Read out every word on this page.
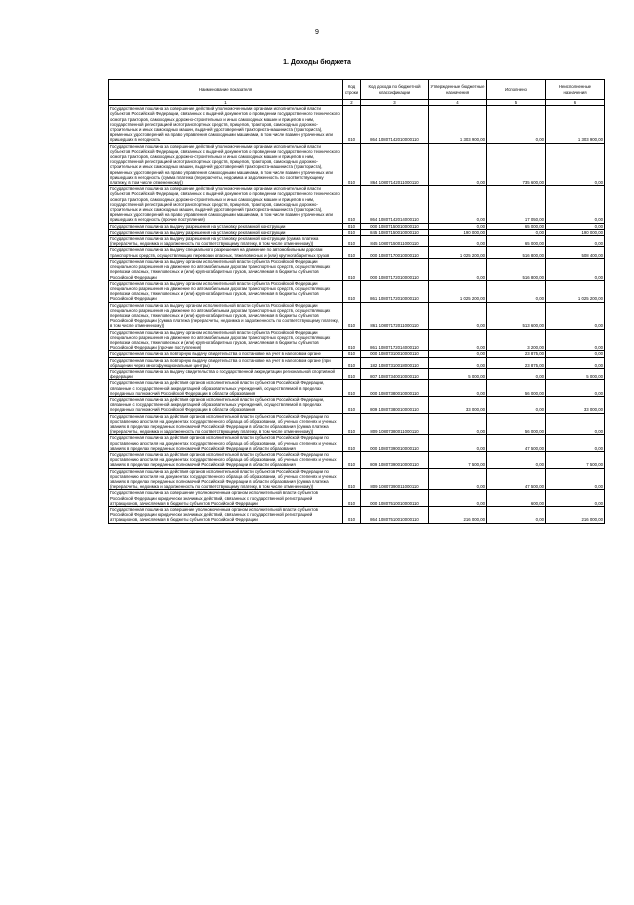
9
1. Доходы бюджета
Наименование показателя	Код строки	Код дохода по бюджетной классификации	Утвержденные бюджетные назначения	Исполнено	Неисполненные назначения
1	2	3	4	5	6
Государственная пошлина за совершение действий уполномоченными органами исполнительной власти субъектов Российской Федерации, связанных с выдачей документов о проведении государственного технического осмотра тракторов, самоходных дорожно-строительных и иных самоходных машин и прицепов к ним, государственной регистрацией мототранспортных средств, прицепов, тракторов, самоходных дорожно-строительных и иных самоходных машин, выдачей удостоверений тракториста-машиниста (тракториста), временных удостоверений на право управления самоходными машинами, в том числе взамен утраченных или пришедших в негодность	010	864 10807142010000110	1 303 900,00	0,00	1 303 900,00
Государственная пошлина за совершение действий уполномоченными органами исполнительной власти субъектов Российской Федерации, связанных с выдачей документов о проведении государственного технического осмотра тракторов, самоходных дорожно-строительных и иных самоходных машин и прицепов к ним, государственной регистрацией мототранспортных средств, прицепов, тракторов, самоходных дорожно-строительных и иных самоходных машин, выдачей удостоверений тракториста-машиниста (тракториста), временных удостоверений на право управления самоходными машинами, в том числе взамен утраченных или пришедших в негодность (сумма платежа (перерасчеты, недоимка и задолженность по соответствующему платежу, в том числе отмененному))	010	864 10807142011000110	0,00	735 600,00	0,00
Государственная пошлина за совершение действий уполномоченными органами исполнительной власти субъектов Российской Федерации, связанных с выдачей документов о проведении государственного технического осмотра тракторов, самоходных дорожно-строительных и иных самоходных машин и прицепов к ним, государственной регистрацией мототранспортных средств, прицепов, тракторов, самоходных дорожно-строительных и иных самоходных машин, выдачей удостоверений тракториста-машиниста (тракториста), временных удостоверений на право управления самоходными машинами, в том числе взамен утраченных или пришедших в негодность (прочие поступления)	010	864 10807142014000110	0,00	17 050,00	0,00
Государственная пошлина за выдачу разрешения на установку рекламной конструкции	010	000 10807150010000110	0,00	65 000,00	0,00
Государственная пошлина за выдачу разрешения на установку рекламной конструкции	010	845 10807150010000110	190 000,00	0,00	190 000,00
Государственная пошлина за выдачу разрешения на установку рекламной конструкции (сумма платежа (перерасчеты, недоимка и задолженность по соответствующему платежу, в том числе отмененному))	010	845 10807150011000110	0,00	65 000,00	0,00
Государственная пошлина за выдачу специального разрешения на движение по автомобильным дорогам транспортных средств, осуществляющих перевозки опасных, тяжеловесных и (или) крупногабаритных грузов	010	000 10807170010000110	1 025 200,00	516 800,00	508 400,00
Государственная пошлина за выдачу органом исполнительной власти субъекта Российской Федерации специального разрешения на движение по автомобильным дорогам транспортных средств, осуществляющих перевозки опасных, тяжеловесных и (или) крупногабаритных грузов, зачисляемая в бюджеты субъектов Российской Федерации	010	000 10807172010000110	0,00	516 800,00	0,00
Государственная пошлина за выдачу органом исполнительной власти субъекта Российской Федерации специального разрешения на движение по автомобильным дорогам транспортных средств, осуществляющих перевозки опасных, тяжеловесных и (или) крупногабаритных грузов, зачисляемая в бюджеты субъектов Российской Федерации	010	861 10807172010000110	1 025 200,00	0,00	1 025 200,00
Государственная пошлина за выдачу органом исполнительной власти субъекта Российской Федерации специального разрешения на движение по автомобильным дорогам транспортных средств, осуществляющих перевозки опасных, тяжеловесных и (или) крупногабаритных грузов, зачисляемая в бюджеты субъектов Российской Федерации (сумма платежа (перерасчеты, недоимка и задолженность по соответствующему платежу, в том числе отмененному))	010	861 10807172011000110	0,00	513 600,00	0,00
Государственная пошлина за выдачу органом исполнительной власти субъекта Российской Федерации специального разрешения на движение по автомобильным дорогам транспортных средств, осуществляющих перевозки опасных, тяжеловесных и (или) крупногабаритных грузов, зачисляемая в бюджеты субъектов Российской Федерации (прочие поступления)	010	861 10807172014000110	0,00	3 200,00	0,00
Государственная пошлина за повторную выдачу свидетельства о постановке на учет в налоговом органе	010	000 10807310010000110	0,00	23 875,00	0,00
Государственная пошлина за повторную выдачу свидетельства о постановке на учет в налоговом органе (при обращении через многофункциональные центры)	010	182 10807310018000110	0,00	23 875,00	0,00
Государственная пошлина за выдачу свидетельства о государственной аккредитации региональной спортивной федерации	010	807 10807340010000110	5 000,00	0,00	5 000,00
Государственная пошлина за действия органов исполнительной власти субъектов Российской Федерации, связанные с государственной аккредитацией образовательных учреждений, осуществляемой в пределах переданных полномочий Российской Федерации в области образования	010	000 10807380010000110	0,00	56 000,00	0,00
Государственная пошлина за действия органов исполнительной власти субъектов Российской Федерации, связанные с государственной аккредитацией образовательных учреждений, осуществляемой в пределах переданных полномочий Российской Федерации в области образования	010	809 10807380010000110	33 000,00	0,00	33 000,00
Государственная пошлина за действия органов исполнительной власти субъектов Российской Федерации по проставлению апостиля на документах государственного образца об образовании, об ученых степенях и ученых званиях в пределах переданных полномочий Российской Федерации в области образования (сумма платежа (перерасчеты, недоимка и задолженность по соответствующему платежу, в том числе отмененному))	010	809 10807380011000110	0,00	56 000,00	0,00
Государственная пошлина за действия органов исполнительной власти субъектов Российской Федерации по проставлению апостиля на документах государственного образца об образовании, об ученых степенях и ученых званиях в пределах переданных полномочий Российской Федерации в области образования	010	000 10807390010000110	0,00	47 500,00	0,00
Государственная пошлина за действия органов исполнительной власти субъектов Российской Федерации по проставлению апостиля на документах государственного образца об образовании, об ученых степенях и ученых званиях в пределах переданных полномочий Российской Федерации в области образования	010	809 10807390010000110	7 500,00	0,00	7 500,00
Государственная пошлина за действия органов исполнительной власти субъектов Российской Федерации по проставлению апостиля на документах государственного образца об образовании, об ученых степенях и ученых званиях в пределах переданных полномочий Российской Федерации в области образования (сумма платежа (перерасчеты, недоимка и задолженность по соответствующему платежу, в том числе отмененному))	010	809 10807390011000110	0,00	47 500,00	0,00
Государственная пошлина за совершение уполномоченным органом исполнительной власти субъектов Российской Федерации юридически значимых действий, связанных с государственной регистрацией аттракционов, зачисляемая в бюджеты субъектов Российской Федерации	010	000 10807510010000110	0,00	600,00	0,00
Государственная пошлина за совершение уполномоченным органом исполнительной власти субъектов Российской Федерации юридически значимых действий, связанных с государственной регистрацией аттракционов, зачисляемая в бюджеты субъектов Российской Федерации	010	864 10807510010000110	216 000,00	0,00	216 000,00
